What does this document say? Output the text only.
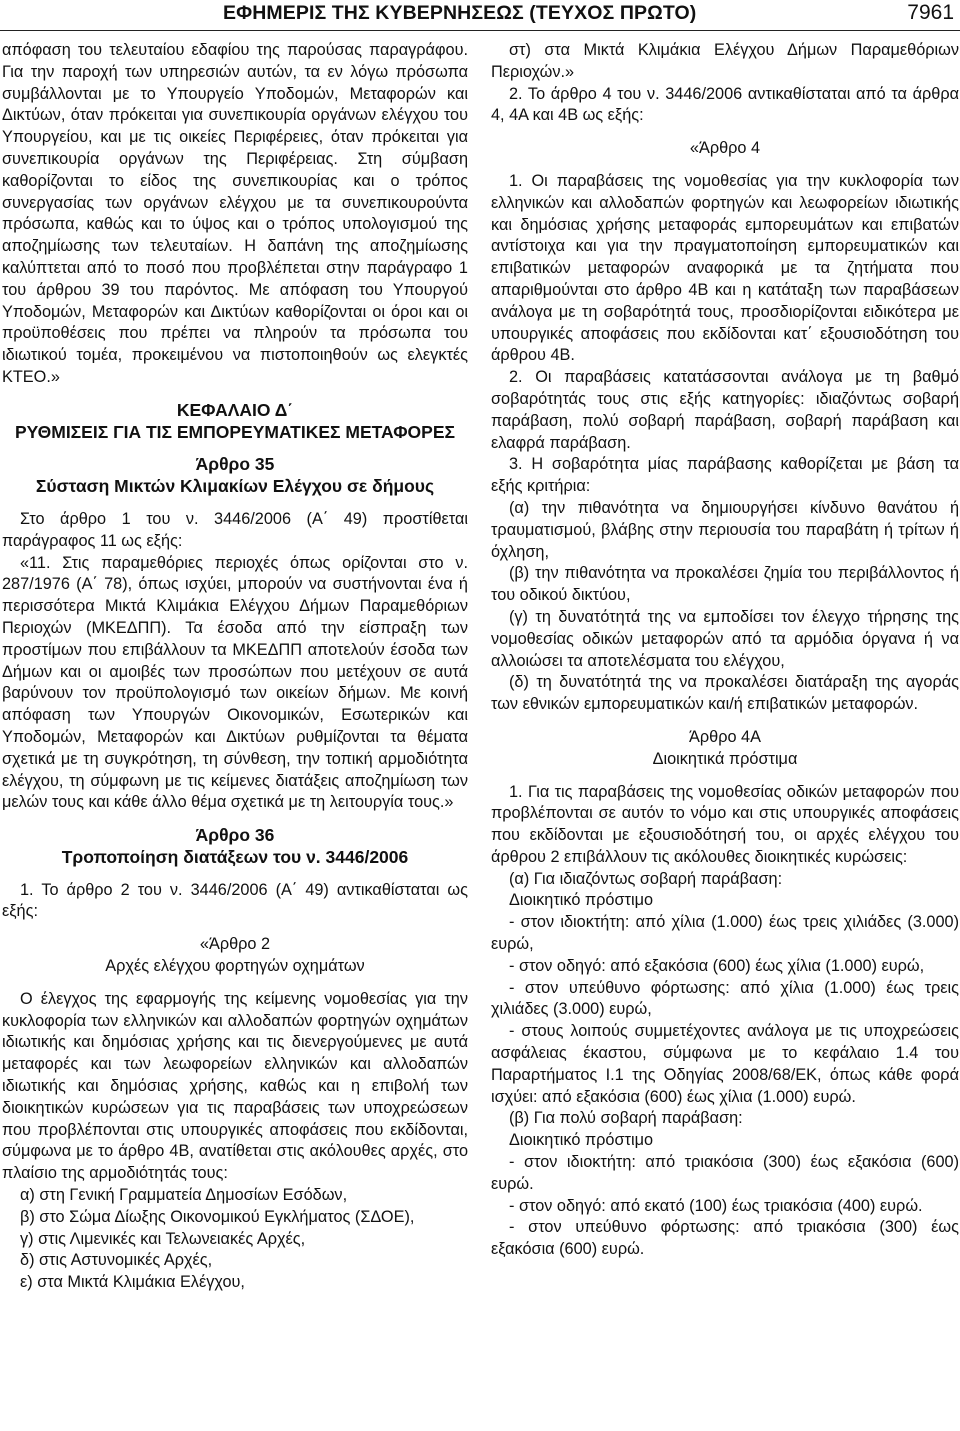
ΕΦΗΜΕΡΙΣ ΤΗΣ ΚΥΒΕΡΝΗΣΕΩΣ (ΤΕΥΧΟΣ ΠΡΩΤΟ)	7961

απόφαση του τελευταίου εδαφίου της παρούσας παραγράφου. Για την παροχή των υπηρεσιών αυτών, τα εν λόγω πρόσωπα συμβάλλονται με το Υπουργείο Υποδομών, Μεταφορών και Δικτύων, όταν πρόκειται για συνεπικουρία οργάνων ελέγχου του Υπουργείου, και με τις οικείες Περιφέρειες, όταν πρόκειται για συνεπικουρία οργάνων της Περιφέρειας. Στη σύμβαση καθορίζονται το είδος της συνεπικουρίας και ο τρόπος συνεργασίας των οργάνων ελέγχου με τα συνεπικουρούντα πρόσωπα, καθώς και το ύψος και ο τρόπος υπολογισμού της αποζημίωσης των τελευταίων. Η δαπάνη της αποζημίωσης καλύπτεται από το ποσό που προβλέπεται στην παράγραφο 1 του άρθρου 39 του παρόντος. Με απόφαση του Υπουργού Υποδομών, Μεταφορών και Δικτύων καθορίζονται οι όροι και οι προϋποθέσεις που πρέπει να πληρούν τα πρόσωπα του ιδιωτικού τομέα, προκειμένου να πιστοποιηθούν ως ελεγκτές ΚΤΕΟ.»

ΚΕΦΑΛΑΙΟ Δ΄

ΡΥΘΜΙΣΕΙΣ ΓΙΑ ΤΙΣ ΕΜΠΟΡΕΥΜΑΤΙΚΕΣ ΜΕΤΑΦΟΡΕΣ

Άρθρο 35

Σύσταση Μικτών Κλιμακίων Ελέγχου σε δήμους

Στο άρθρο 1 του ν. 3446/2006 (Α΄ 49) προστίθεται παράγραφος 11 ως εξής:

«11. Στις παραμεθόριες περιοχές όπως ορίζονται στο ν. 287/1976 (Α΄ 78), όπως ισχύει, μπορούν να συστήνονται ένα ή περισσότερα Μικτά Κλιμάκια Ελέγχου Δήμων Παραμεθόριων Περιοχών (ΜΚΕΔΠΠ). Τα έσοδα από την είσπραξη των προστίμων που επιβάλλουν τα ΜΚΕΔΠΠ αποτελούν έσοδα των Δήμων και οι αμοιβές των προσώπων που μετέχουν σε αυτά βαρύνουν τον προϋπολογισμό των οικείων δήμων. Με κοινή απόφαση των Υπουργών Οικονομικών, Εσωτερικών και Υποδομών, Μεταφορών και Δικτύων ρυθμίζονται τα θέματα σχετικά με τη συγκρότηση, τη σύνθεση, την τοπική αρμοδιότητα ελέγχου, τη σύμφωνη με τις κείμενες διατάξεις αποζημίωση των μελών τους και κάθε άλλο θέμα σχετικά με τη λειτουργία τους.»

Άρθρο 36

Τροποποίηση διατάξεων του ν. 3446/2006

1. Το άρθρο 2 του ν. 3446/2006 (Α΄ 49) αντικαθίσταται ως εξής:

«Άρθρο 2

Αρχές ελέγχου φορτηγών οχημάτων

Ο έλεγχος της εφαρμογής της κείμενης νομοθεσίας για την κυκλοφορία των ελληνικών και αλλοδαπών φορτηγών οχημάτων ιδιωτικής και δημόσιας χρήσης και τις διενεργούμενες με αυτά μεταφορές και των λεωφορείων ελληνικών και αλλοδαπών ιδιωτικής και δημόσιας χρήσης, καθώς και η επιβολή των διοικητικών κυρώσεων για τις παραβάσεις των υποχρεώσεων που προβλέπονται στις υπουργικές αποφάσεις που εκδίδονται, σύμφωνα με το άρθρο 4Β, ανατίθεται στις ακόλουθες αρχές, στο πλαίσιο της αρμοδιότητάς τους:

α) στη Γενική Γραμματεία Δημοσίων Εσόδων,

β) στο Σώμα Δίωξης Οικονομικού Εγκλήματος (ΣΔΟΕ),

γ) στις Λιμενικές και Τελωνειακές Αρχές,

δ) στις Αστυνομικές Αρχές,

ε) στα Μικτά Κλιμάκια Ελέγχου,

στ) στα Μικτά Κλιμάκια Ελέγχου Δήμων Παραμεθόριων Περιοχών.»

2. Το άρθρο 4 του ν. 3446/2006 αντικαθίσταται από τα άρθρα 4, 4Α και 4Β ως εξής:

«Άρθρο 4

1. Οι παραβάσεις της νομοθεσίας για την κυκλοφορία των ελληνικών και αλλοδαπών φορτηγών και λεωφορείων ιδιωτικής και δημόσιας χρήσης μεταφοράς εμπορευμάτων και επιβατών αντίστοιχα και για την πραγματοποίηση εμπορευματικών και επιβατικών μεταφορών αναφορικά με τα ζητήματα που απαριθμούνται στο άρθρο 4Β και η κατάταξη των παραβάσεων ανάλογα με τη σοβαρότητά τους, προσδιορίζονται ειδικότερα με υπουργικές αποφάσεις που εκδίδονται κατ΄ εξουσιοδότηση του άρθρου 4Β.

2. Οι παραβάσεις κατατάσσονται ανάλογα με τη βαθμό σοβαρότητάς τους στις εξής κατηγορίες: ιδιαζόντως σοβαρή παράβαση, πολύ σοβαρή παράβαση, σοβαρή παράβαση και ελαφρά παράβαση.

3. Η σοβαρότητα μίας παράβασης καθορίζεται με βάση τα εξής κριτήρια:

(α) την πιθανότητα να δημιουργήσει κίνδυνο θανάτου ή τραυματισμού, βλάβης στην περιουσία του παραβάτη ή τρίτων ή όχληση,

(β) την πιθανότητα να προκαλέσει ζημία του περιβάλλοντος ή του οδικού δικτύου,

(γ) τη δυνατότητά της να εμποδίσει τον έλεγχο τήρησης της νομοθεσίας οδικών μεταφορών από τα αρμόδια όργανα ή να αλλοιώσει τα αποτελέσματα του ελέγχου,

(δ) τη δυνατότητά της να προκαλέσει διατάραξη της αγοράς των εθνικών εμπορευματικών και/ή επιβατικών μεταφορών.

Άρθρο 4Α

Διοικητικά πρόστιμα

1. Για τις παραβάσεις της νομοθεσίας οδικών μεταφορών που προβλέπονται σε αυτόν το νόμο και στις υπουργικές αποφάσεις που εκδίδονται με εξουσιοδότησή του, οι αρχές ελέγχου του άρθρου 2 επιβάλλουν τις ακόλουθες διοικητικές κυρώσεις:

(α) Για ιδιαζόντως σοβαρή παράβαση:

Διοικητικό πρόστιμο

- στον ιδιοκτήτη: από χίλια (1.000) έως τρεις χιλιάδες (3.000) ευρώ,

- στον οδηγό: από εξακόσια (600) έως χίλια (1.000) ευρώ,

- στον υπεύθυνο φόρτωσης: από χίλια (1.000) έως τρεις χιλιάδες (3.000) ευρώ,

- στους λοιπούς συμμετέχοντες ανάλογα με τις υποχρεώσεις ασφάλειας έκαστου, σύμφωνα με το κεφάλαιο 1.4 του Παραρτήματος Ι.1 της Οδηγίας 2008/68/ΕΚ, όπως κάθε φορά ισχύει: από εξακόσια (600) έως χίλια (1.000) ευρώ.

(β) Για πολύ σοβαρή παράβαση:

Διοικητικό πρόστιμο

- στον ιδιοκτήτη: από τριακόσια (300) έως εξακόσια (600) ευρώ.

- στον οδηγό: από εκατό (100) έως τριακόσια (400) ευρώ.

- στον υπεύθυνο φόρτωσης: από τριακόσια (300) έως εξακόσια (600) ευρώ.
